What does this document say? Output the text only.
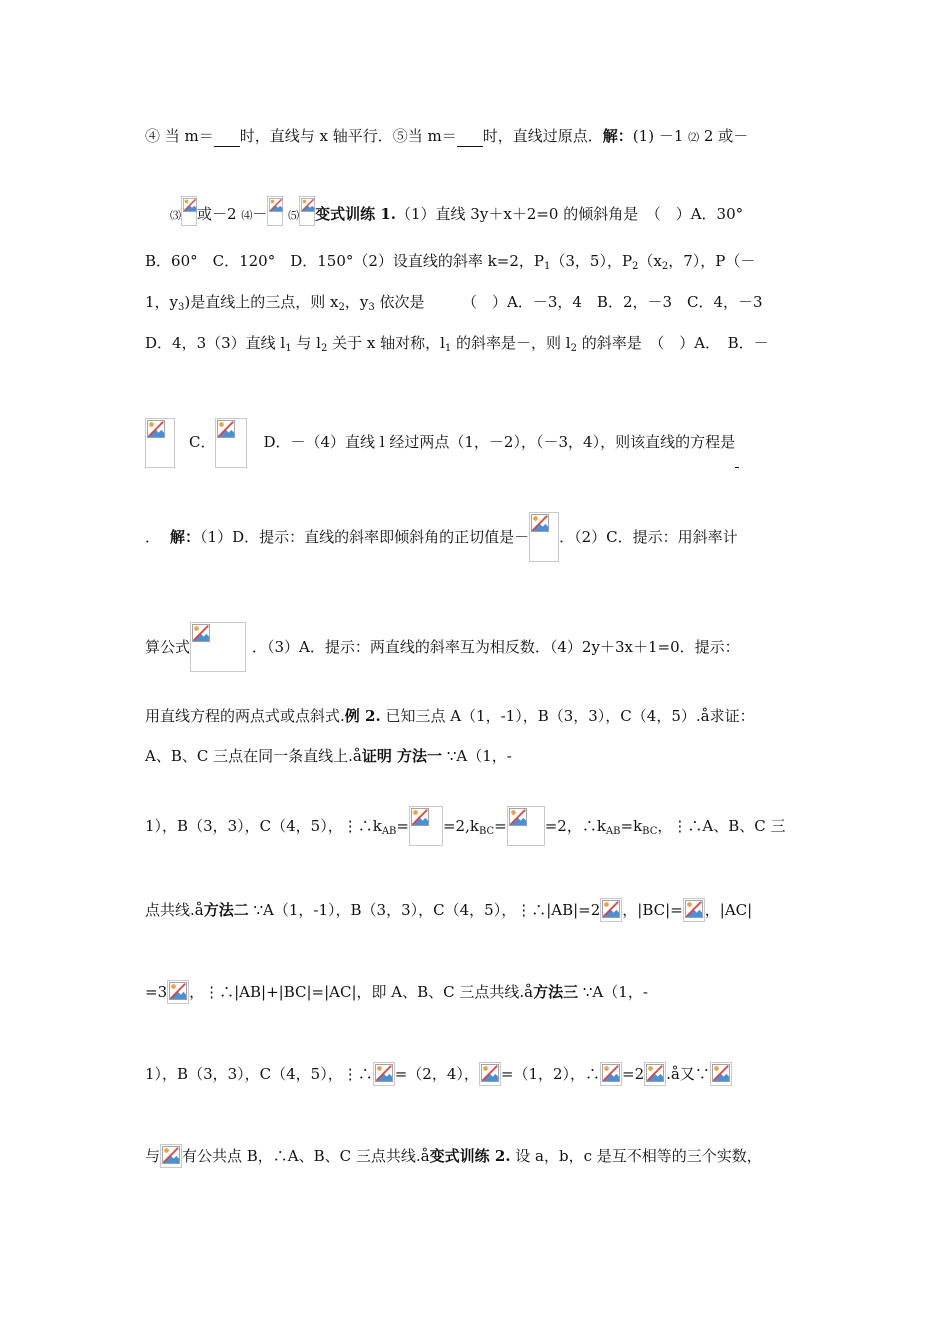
④ 当 m＝ 时，直线与 x 轴平行．⑤当 m＝ 时，直线过原点．解：(1) －1 ⑵ 2 或－
⑶ 或－2 ⑷－ ⑸ 变式训练 1.（1）直线 3y＋x＋2=0 的倾斜角是　（　）A．30°
B．60°　C．120°　D．150°（2）设直线的斜率 k=2，$P_1(3$，5），$P_2(x_2$，7），P（－
1，$y_3$)是直线上的三点，则 $x_2$，$y_3$ 依次是　　　（　）A．－3，4　B．2，－3　C．4，－3
D．4，3（3）直线 $l_1$ 与 $l_2$ 关于 x 轴对称，$l_1$ 的斜率是－，则 $l_2$ 的斜率是　（　）A．　B．－
C．	D．－（4）直线 l 经过两点（1，－2），（－3，4），则该直线的方程是
． 解：（1）D．提示：直线的斜率即倾斜角的正切值是－ ．（2）C．提示：用斜率计
算公式	．（3）A．提示：两直线的斜率互为相反数．（4）2y＋3x＋1=0．提示：
用直线方程的两点式或点斜式.例 2. 已知三点 A（1，-1），B（3，3），C（4，5）.å求证：
A、B、C 三点在同一条直线上.å证明 方法一 ∵A（1，-
1），B（3，3），C（4，5），$⋮\therefore k_{AB}= =2,k_{BC}=$	=2，$\therefore k_{AB}=k_{BC}$，⋮∴A、B、C 三
点共线.å方法二 ∵A（1，-1），B（3，3），C（4，5），⋮∴|AB|=2 ，|BC|= ，|AC|
=3 ，⋮∴|AB|+|BC|=|AC|，即 A、B、C 三点共线.å方法三 ∵A（1，-
1），B（3，3），C（4，5），⋮∴ =（2，4）， =（1，2），∴ =2 .å又∵
与 有公共点 B，∴A、B、C 三点共线.å变式训练 2. 设 a，b，c 是互不相等的三个实数，
